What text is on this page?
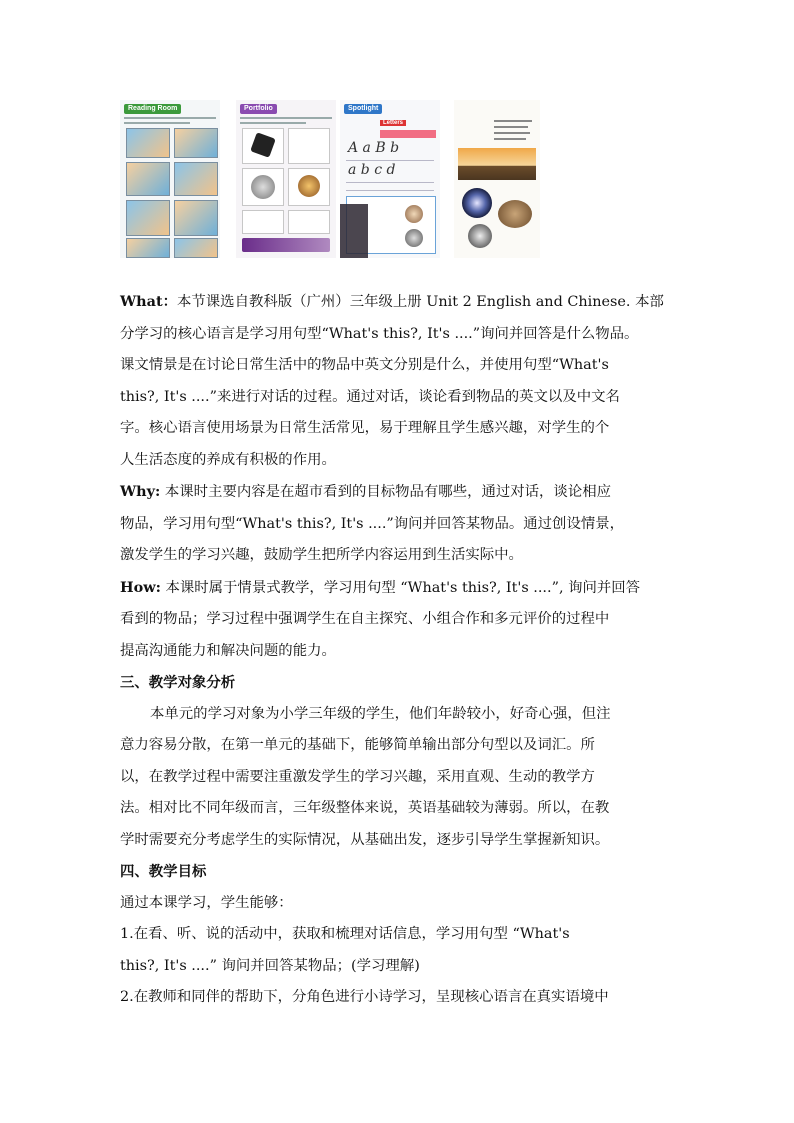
Reading Room	Portfolio	Spotlight
Letters
A a B b
a b c d

What：本节课选自教科版（广州）三年级上册 Unit 2 English and Chinese. 本部

分学习的核心语言是学习用句型“What's this?, It's ....”询问并回答是什么物品。

课文情景是在讨论日常生活中的物品中英文分别是什么，并使用句型“What's

this?, It's ....”来进行对话的过程。通过对话，谈论看到物品的英文以及中文名

字。核心语言使用场景为日常生活常见，易于理解且学生感兴趣，对学生的个

人生活态度的养成有积极的作用。

Why: 本课时主要内容是在超市看到的目标物品有哪些，通过对话，谈论相应

物品，学习用句型“What's this?, It's ....”询问并回答某物品。通过创设情景，

激发学生的学习兴趣，鼓励学生把所学内容运用到生活实际中。

How: 本课时属于情景式教学，学习用句型 “What's this?, It's ....”, 询问并回答

看到的物品；学习过程中强调学生在自主探究、小组合作和多元评价的过程中

提高沟通能力和解决问题的能力。

三、教学对象分析

本单元的学习对象为小学三年级的学生，他们年龄较小，好奇心强，但注

意力容易分散，在第一单元的基础下，能够简单输出部分句型以及词汇。所

以，在教学过程中需要注重激发学生的学习兴趣，采用直观、生动的教学方

法。相对比不同年级而言，三年级整体来说，英语基础较为薄弱。所以，在教

学时需要充分考虑学生的实际情况，从基础出发，逐步引导学生掌握新知识。

四、教学目标

通过本课学习，学生能够：

1.在看、听、说的活动中，获取和梳理对话信息，学习用句型 “What's

this?, It's ....” 询问并回答某物品；(学习理解)

2.在教师和同伴的帮助下，分角色进行小诗学习，呈现核心语言在真实语境中
